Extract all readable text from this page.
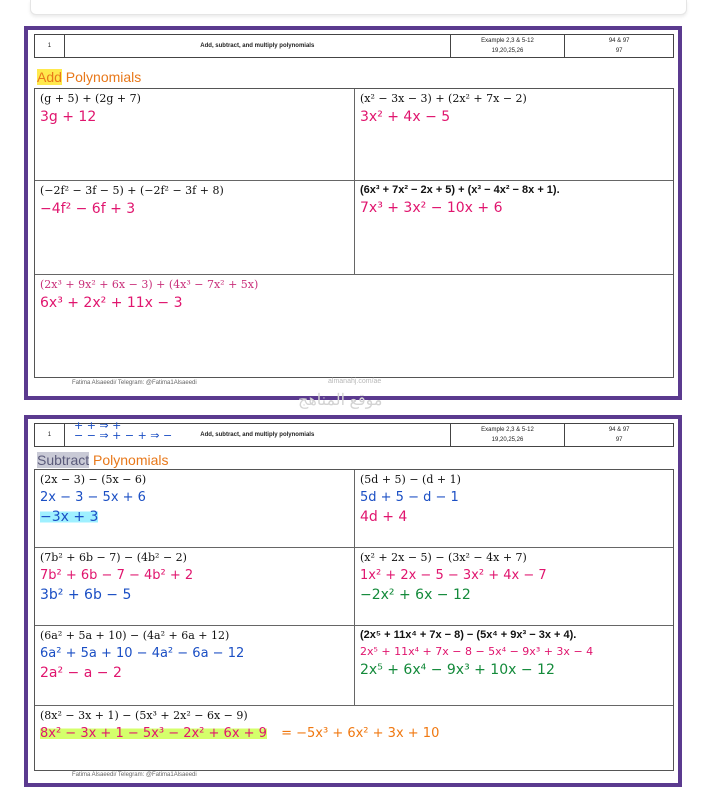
1	Add, subtract, and multiply polynomials
Example 2,3 & 5-12
19,20,25,26
94 & 97
97
Add Polynomials
(g + 5) + (2g + 7)
3g + 12
(x² − 3x − 3) + (2x² + 7x − 2)
3x² + 4x − 5
(−2f² − 3f − 5) + (−2f² − 3f + 8)
−4f² − 6f + 3
(6x³ + 7x² − 2x + 5) + (x³ − 4x² − 8x + 1).
7x³ + 3x² − 10x + 6
(2x³ + 9x² + 6x − 3) + (4x³ − 7x² + 5x)
6x³ + 2x² + 11x − 3
Fatima Alsaeedi/ Telegram: @Fatima1Alsaeedi	almanahj.com/ae
موقع المناهج
1	Add, subtract, and multiply polynomials
Example 2,3 & 5-12
19,20,25,26
94 & 97
97
+ + ⇒ +
− − ⇒ + − + ⇒ −
Subtract Polynomials
(2x − 3) − (5x − 6)
2x − 3 − 5x + 6
−3x + 3
(5d + 5) − (d + 1)
5d + 5 − d − 1
4d + 4
(7b² + 6b − 7) − (4b² − 2)
7b² + 6b − 7 − 4b² + 2
3b² + 6b − 5
(x² + 2x − 5) − (3x² − 4x + 7)
1x² + 2x − 5 − 3x² + 4x − 7
−2x² + 6x − 12
(6a² + 5a + 10) − (4a² + 6a + 12)
6a² + 5a + 10 − 4a² − 6a − 12
2a² − a − 2
(2x⁵ + 11x⁴ + 7x − 8) − (5x⁴ + 9x³ − 3x + 4).
2x⁵ + 11x⁴ + 7x − 8 − 5x⁴ − 9x³ + 3x − 4
2x⁵ + 6x⁴ − 9x³ + 10x − 12
(8x² − 3x + 1) − (5x³ + 2x² − 6x − 9)
8x² − 3x + 1 − 5x³ − 2x² + 6x + 9 = −5x³ + 6x² + 3x + 10
Fatima Alsaeedi/ Telegram: @Fatima1Alsaeedi
